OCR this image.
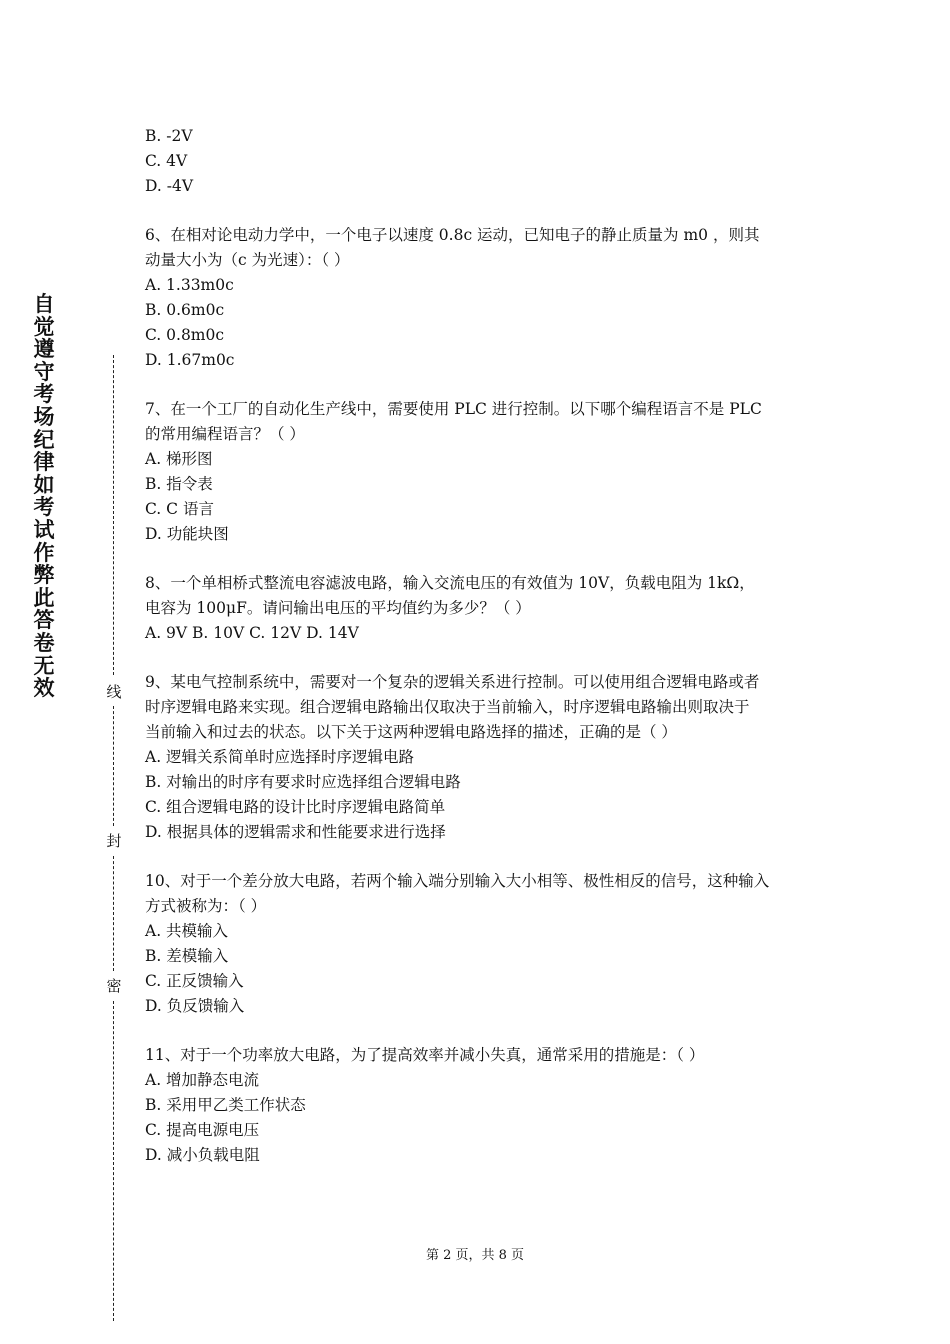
自觉遵守考场纪律如考试作弊此答卷无效	线
封
密
B. -2V
C. 4V
D. -4V
6、在相对论电动力学中，一个电子以速度 0.8c 运动，已知电子的静止质量为 m0 ，则其
动量大小为（c 为光速）：（ ）
A. 1.33m0c
B. 0.6m0c
C. 0.8m0c
D. 1.67m0c
7、在一个工厂的自动化生产线中，需要使用 PLC 进行控制。以下哪个编程语言不是 PLC
的常用编程语言？（ ）
A. 梯形图
B. 指令表
C. C 语言
D. 功能块图
8、一个单相桥式整流电容滤波电路，输入交流电压的有效值为 10V，负载电阻为 1kΩ，
电容为 100μF。请问输出电压的平均值约为多少？（ ）
A. 9V B. 10V C. 12V D. 14V
9、某电气控制系统中，需要对一个复杂的逻辑关系进行控制。可以使用组合逻辑电路或者
时序逻辑电路来实现。组合逻辑电路输出仅取决于当前输入，时序逻辑电路输出则取决于
当前输入和过去的状态。以下关于这两种逻辑电路选择的描述，正确的是（ ）
A. 逻辑关系简单时应选择时序逻辑电路
B. 对输出的时序有要求时应选择组合逻辑电路
C. 组合逻辑电路的设计比时序逻辑电路简单
D. 根据具体的逻辑需求和性能要求进行选择
10、对于一个差分放大电路，若两个输入端分别输入大小相等、极性相反的信号，这种输入
方式被称为：（ ）
A. 共模输入
B. 差模输入
C. 正反馈输入
D. 负反馈输入
11、对于一个功率放大电路，为了提高效率并减小失真，通常采用的措施是：（ ）
A. 增加静态电流
B. 采用甲乙类工作状态
C. 提高电源电压
D. 减小负载电阻
第 2 页，共 8 页
